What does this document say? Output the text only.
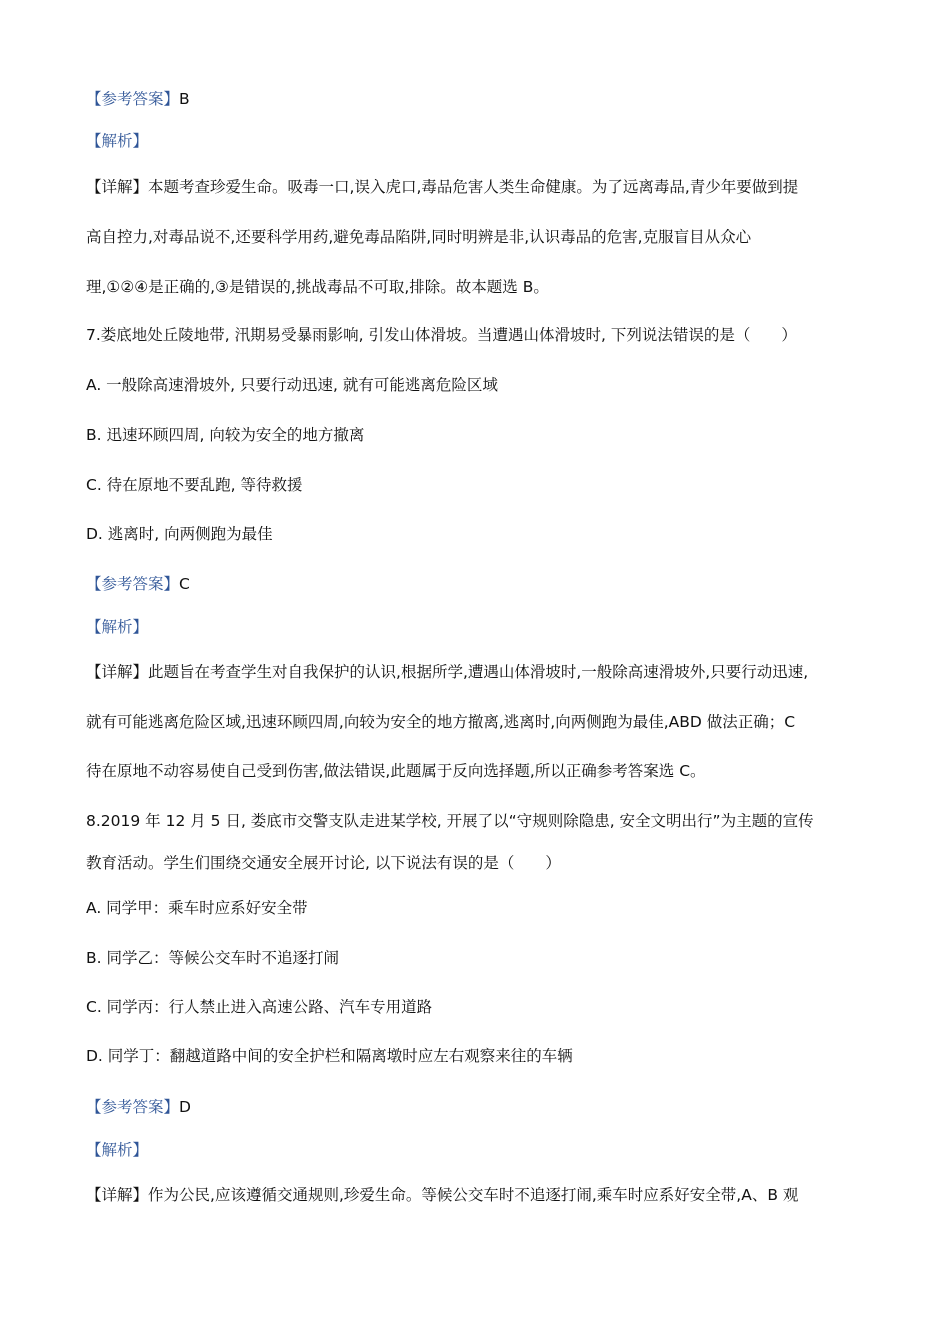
【参考答案】B
【解析】
【详解】本题考查珍爱生命。吸毒一口,误入虎口,毒品危害人类生命健康。为了远离毒品,青少年要做到提
高自控力,对毒品说不,还要科学用药,避免毒品陷阱,同时明辨是非,认识毒品的危害,克服盲目从众心
理,①②④是正确的,③是错误的,挑战毒品不可取,排除。故本题选 B。
7.娄底地处丘陵地带, 汛期易受暴雨影响, 引发山体滑坡。当遭遇山体滑坡时, 下列说法错误的是（　　）
A. 一般除高速滑坡外, 只要行动迅速, 就有可能逃离危险区域
B. 迅速环顾四周, 向较为安全的地方撤离
C. 待在原地不要乱跑, 等待救援
D. 逃离时, 向两侧跑为最佳
【参考答案】C
【解析】
【详解】此题旨在考查学生对自我保护的认识,根据所学,遭遇山体滑坡时,一般除高速滑坡外,只要行动迅速,
就有可能逃离危险区域,迅速环顾四周,向较为安全的地方撤离,逃离时,向两侧跑为最佳,ABD 做法正确；C
待在原地不动容易使自己受到伤害,做法错误,此题属于反向选择题,所以正确参考答案选 C。
8.2019 年 12 月 5 日, 娄底市交警支队走进某学校, 开展了以“守规则除隐患, 安全文明出行”为主题的宣传
教育活动。学生们围绕交通安全展开讨论, 以下说法有误的是（　　）
A. 同学甲：乘车时应系好安全带
B. 同学乙：等候公交车时不追逐打闹
C. 同学丙：行人禁止进入高速公路、汽车专用道路
D. 同学丁：翻越道路中间的安全护栏和隔离墩时应左右观察来往的车辆
【参考答案】D
【解析】
【详解】作为公民,应该遵循交通规则,珍爱生命。等候公交车时不追逐打闹,乘车时应系好安全带,A、B 观
